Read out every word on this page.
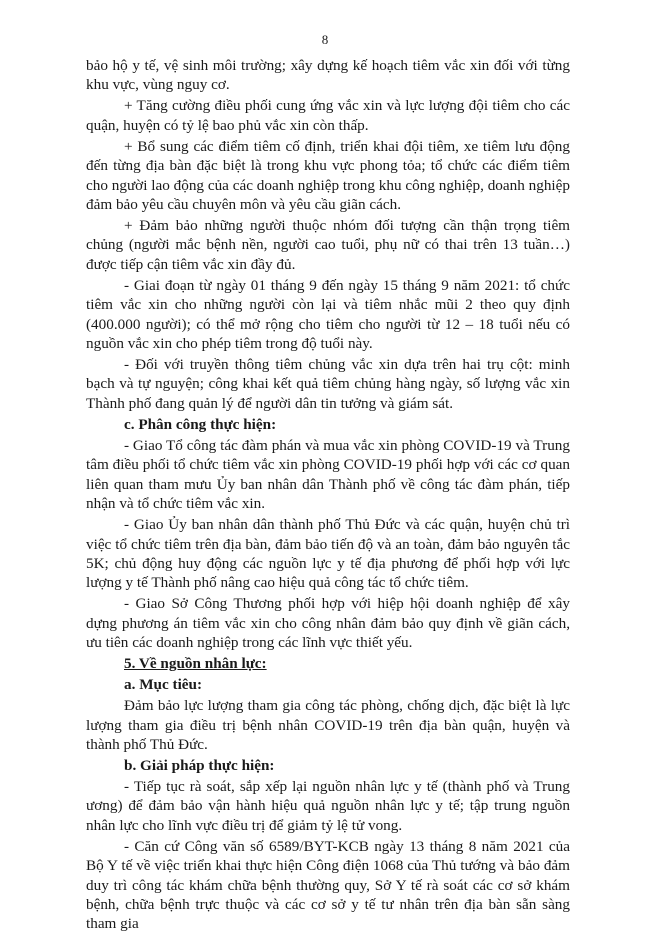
8

bảo hộ y tế, vệ sinh môi trường; xây dựng kế hoạch tiêm vắc xin đối với từng khu vực, vùng nguy cơ.

+ Tăng cường điều phối cung ứng vắc xin và lực lượng đội tiêm cho các quận, huyện có tỷ lệ bao phủ vắc xin còn thấp.

+ Bổ sung các điểm tiêm cố định, triển khai đội tiêm, xe tiêm lưu động đến từng địa bàn đặc biệt là trong khu vực phong tỏa; tổ chức các điểm tiêm cho người lao động của các doanh nghiệp trong khu công nghiệp, doanh nghiệp đảm bảo yêu cầu chuyên môn và yêu cầu giãn cách.

+ Đảm bảo những người thuộc nhóm đối tượng cần thận trọng tiêm chủng (người mắc bệnh nền, người cao tuổi, phụ nữ có thai trên 13 tuần…) được tiếp cận tiêm vắc xin đầy đủ.

- Giai đoạn từ ngày 01 tháng 9 đến ngày 15 tháng 9 năm 2021: tổ chức tiêm vắc xin cho những người còn lại và tiêm nhắc mũi 2 theo quy định (400.000 người); có thể mở rộng cho tiêm cho người từ 12 – 18 tuổi nếu có nguồn vắc xin cho phép tiêm trong độ tuổi này.

- Đối với truyền thông tiêm chủng vắc xin dựa trên hai trụ cột: minh bạch và tự nguyện; công khai kết quả tiêm chủng hàng ngày, số lượng vắc xin Thành phố đang quản lý để người dân tin tưởng và giám sát.

c. Phân công thực hiện:

- Giao Tổ công tác đàm phán và mua vắc xin phòng COVID-19 và Trung tâm điều phối tổ chức tiêm vắc xin phòng COVID-19 phối hợp với các cơ quan liên quan tham mưu Ủy ban nhân dân Thành phố về công tác đàm phán, tiếp nhận và tổ chức tiêm vắc xin.

- Giao Ủy ban nhân dân thành phố Thủ Đức và các quận, huyện chủ trì việc tổ chức tiêm trên địa bàn, đảm bảo tiến độ và an toàn, đảm bảo nguyên tắc 5K; chủ động huy động các nguồn lực y tế địa phương để phối hợp với lực lượng y tế Thành phố nâng cao hiệu quả công tác tổ chức tiêm.

- Giao Sở Công Thương phối hợp với hiệp hội doanh nghiệp để xây dựng phương án tiêm vắc xin cho công nhân đảm bảo quy định về giãn cách, ưu tiên các doanh nghiệp trong các lĩnh vực thiết yếu.

5. Về nguồn nhân lực:

a. Mục tiêu:

Đảm bảo lực lượng tham gia công tác phòng, chống dịch, đặc biệt là lực lượng tham gia điều trị bệnh nhân COVID-19 trên địa bàn quận, huyện và thành phố Thủ Đức.

b. Giải pháp thực hiện:

- Tiếp tục rà soát, sắp xếp lại nguồn nhân lực y tế (thành phố và Trung ương) để đảm bảo vận hành hiệu quả nguồn nhân lực y tế; tập trung nguồn nhân lực cho lĩnh vực điều trị để giảm tỷ lệ tử vong.

- Căn cứ Công văn số 6589/BYT-KCB ngày 13 tháng 8 năm 2021 của Bộ Y tế về việc triển khai thực hiện Công điện 1068 của Thủ tướng và bảo đảm duy trì công tác khám chữa bệnh thường quy, Sở Y tế rà soát các cơ sở khám bệnh, chữa bệnh trực thuộc và các cơ sở y tế tư nhân trên địa bàn sẵn sàng tham gia
